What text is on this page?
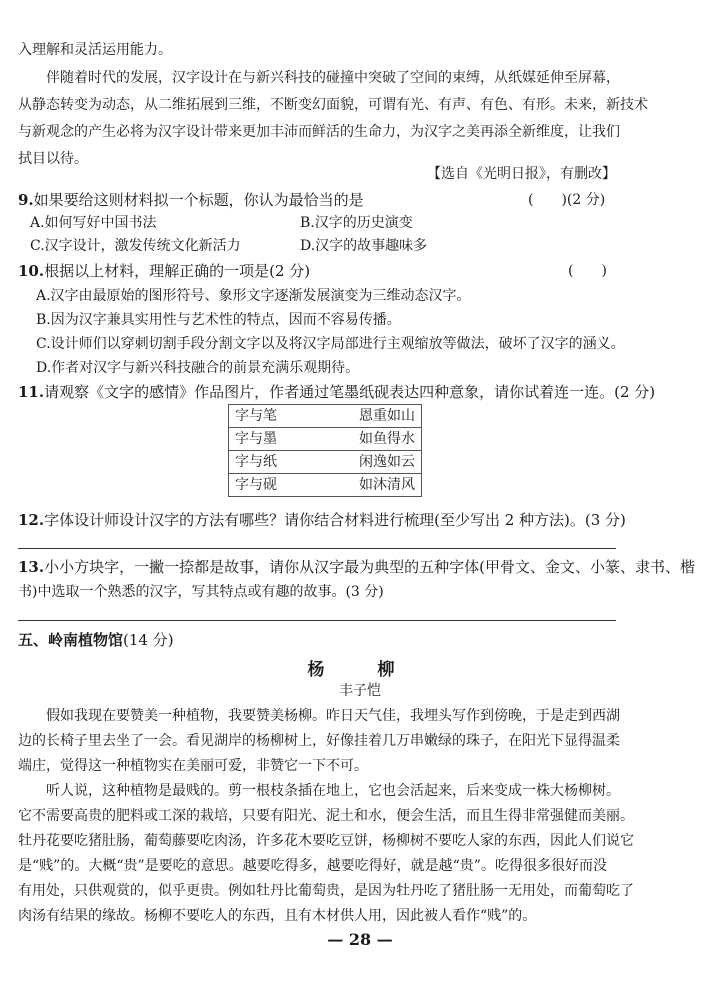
入理解和灵活运用能力。
伴随着时代的发展，汉字设计在与新兴科技的碰撞中突破了空间的束缚，从纸媒延伸至屏幕，
从静态转变为动态，从二维拓展到三维，不断变幻面貌，可谓有光、有声、有色、有形。未来，新技术
与新观念的产生必将为汉字设计带来更加丰沛而鲜活的生命力，为汉字之美再添全新维度，让我们
拭目以待。
【选自《光明日报》，有删改】
9.如果要给这则材料拟一个标题，你认为最恰当的是	(　　)(2 分)
A.如何写好中国书法	B.汉字的历史演变
C.汉字设计，激发传统文化新活力	D.汉字的故事趣味多
10.根据以上材料，理解正确的一项是(2 分)	(　　)
A.汉字由最原始的图形符号、象形文字逐渐发展演变为三维动态汉字。
B.因为汉字兼具实用性与艺术性的特点，因而不容易传播。
C.设计师们以穿刺切割手段分割文字以及将汉字局部进行主观缩放等做法，破坏了汉字的涵义。
D.作者对汉字与新兴科技融合的前景充满乐观期待。
11.请观察《文字的感情》作品图片，作者通过笔墨纸砚表达四种意象，请你试着连一连。(2 分)
字与笔	恩重如山
字与墨	如鱼得水
字与纸	闲逸如云
字与砚	如沐清风
12.字体设计师设计汉字的方法有哪些？请你结合材料进行梳理(至少写出 2 种方法)。(3 分)
13.小小方块字，一撇一捺都是故事，请你从汉字最为典型的五种字体(甲骨文、金文、小篆、隶书、楷
书)中选取一个熟悉的汉字，写其特点或有趣的故事。(3 分)
五、岭南植物馆(14 分)
杨　柳
丰子恺
假如我现在要赞美一种植物，我要赞美杨柳。昨日天气佳，我埋头写作到傍晚，于是走到西湖
边的长椅子里去坐了一会。看见湖岸的杨柳树上，好像挂着几万串嫩绿的珠子，在阳光下显得温柔
端庄，觉得这一种植物实在美丽可爱，非赞它一下不可。
听人说，这种植物是最贱的。剪一根枝条插在地上，它也会活起来，后来变成一株大杨柳树。
它不需要高贵的肥料或工深的栽培，只要有阳光、泥土和水，便会生活，而且生得非常强健而美丽。
牡丹花要吃猪肚肠，葡萄藤要吃肉汤，许多花木要吃豆饼，杨柳树不要吃人家的东西，因此人们说它
是“贱”的。大概“贵”是要吃的意思。越要吃得多，越要吃得好，就是越“贵”。吃得很多很好而没
有用处，只供观赏的，似乎更贵。例如牡丹比葡萄贵，是因为牡丹吃了猪肚肠一无用处，而葡萄吃了
肉汤有结果的缘故。杨柳不要吃人的东西，且有木材供人用，因此被人看作“贱”的。
— 28 —
